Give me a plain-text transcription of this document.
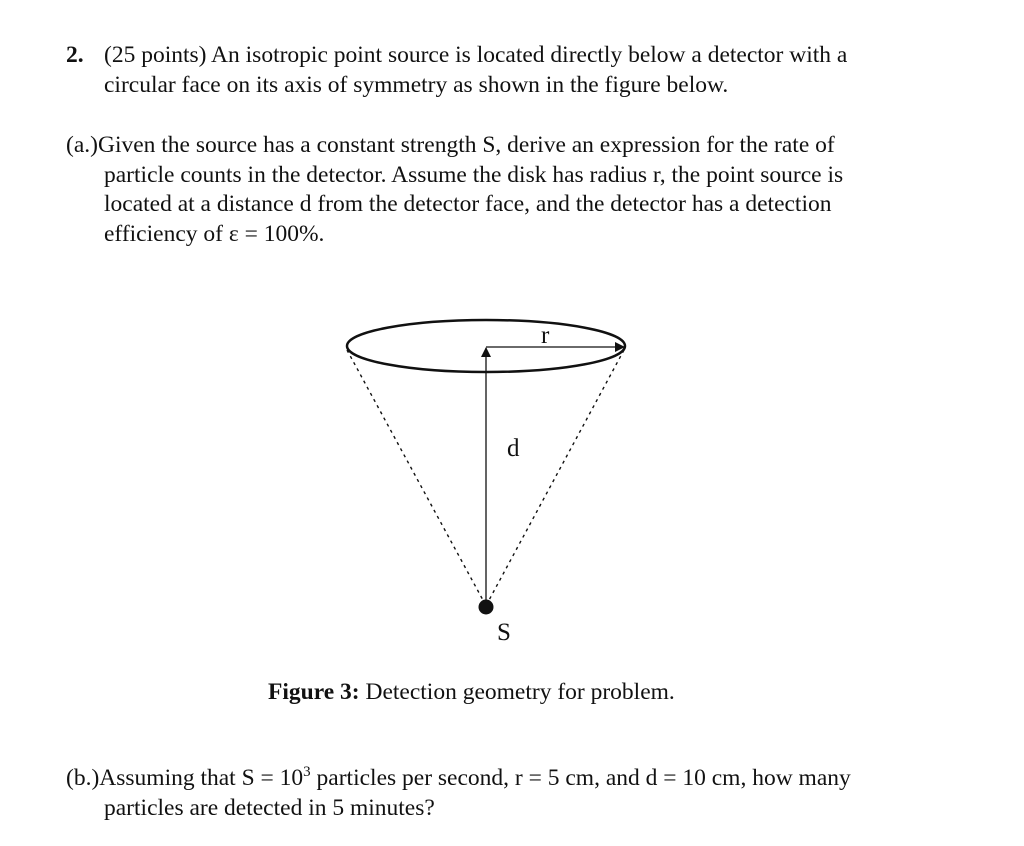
2. (25 points) An isotropic point source is located directly below a detector with a
circular face on its axis of symmetry as shown in the figure below.
(a.)Given the source has a constant strength S, derive an expression for the rate of
particle counts in the detector. Assume the disk has radius r, the point source is
located at a distance d from the detector face, and the detector has a detection
efficiency of ε = 100%.
r
d
S
Figure 3: Detection geometry for problem.
(b.)Assuming that $S = 10^3$ particles per second, r = 5 cm, and d = 10 cm, how many
particles are detected in 5 minutes?
